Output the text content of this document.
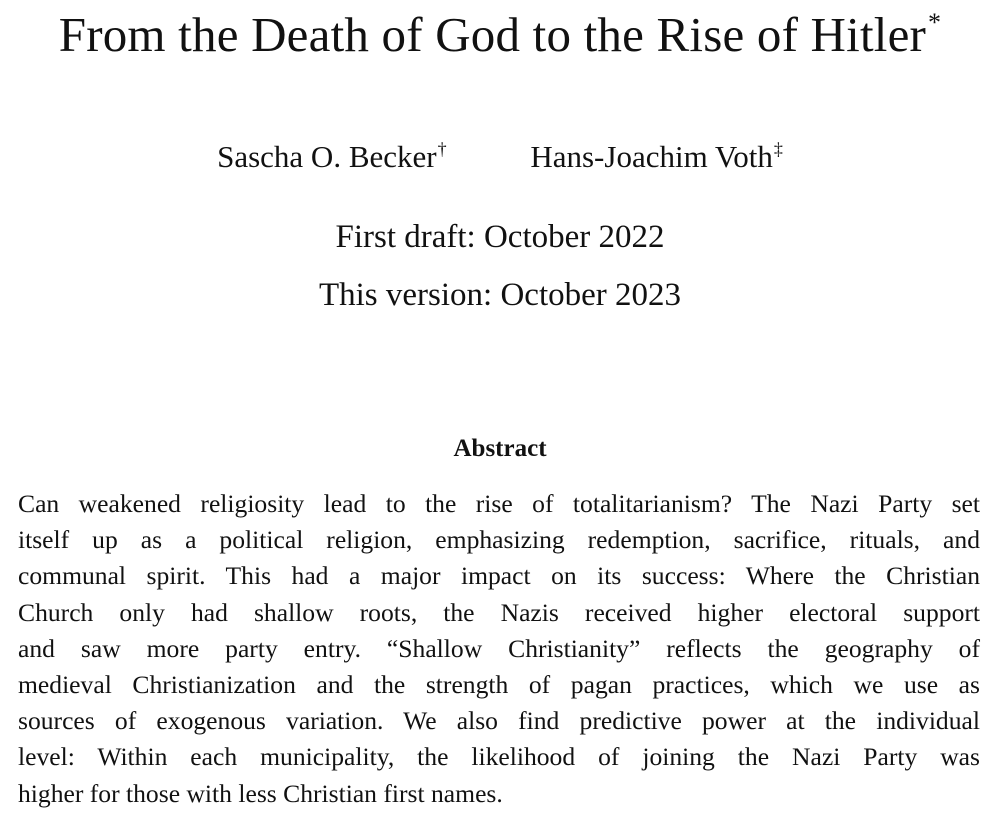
From the Death of God to the Rise of Hitler*
Sascha O. Becker†	Hans-Joachim Voth‡
First draft: October 2022
This version: October 2023
Abstract
Can weakened religiosity lead to the rise of totalitarianism? The Nazi Party set
itself up as a political religion, emphasizing redemption, sacrifice, rituals, and
communal spirit. This had a major impact on its success: Where the Christian
Church only had shallow roots, the Nazis received higher electoral support
and saw more party entry. “Shallow Christianity” reflects the geography of
medieval Christianization and the strength of pagan practices, which we use as
sources of exogenous variation. We also find predictive power at the individual
level: Within each municipality, the likelihood of joining the Nazi Party was
higher for those with less Christian first names.
